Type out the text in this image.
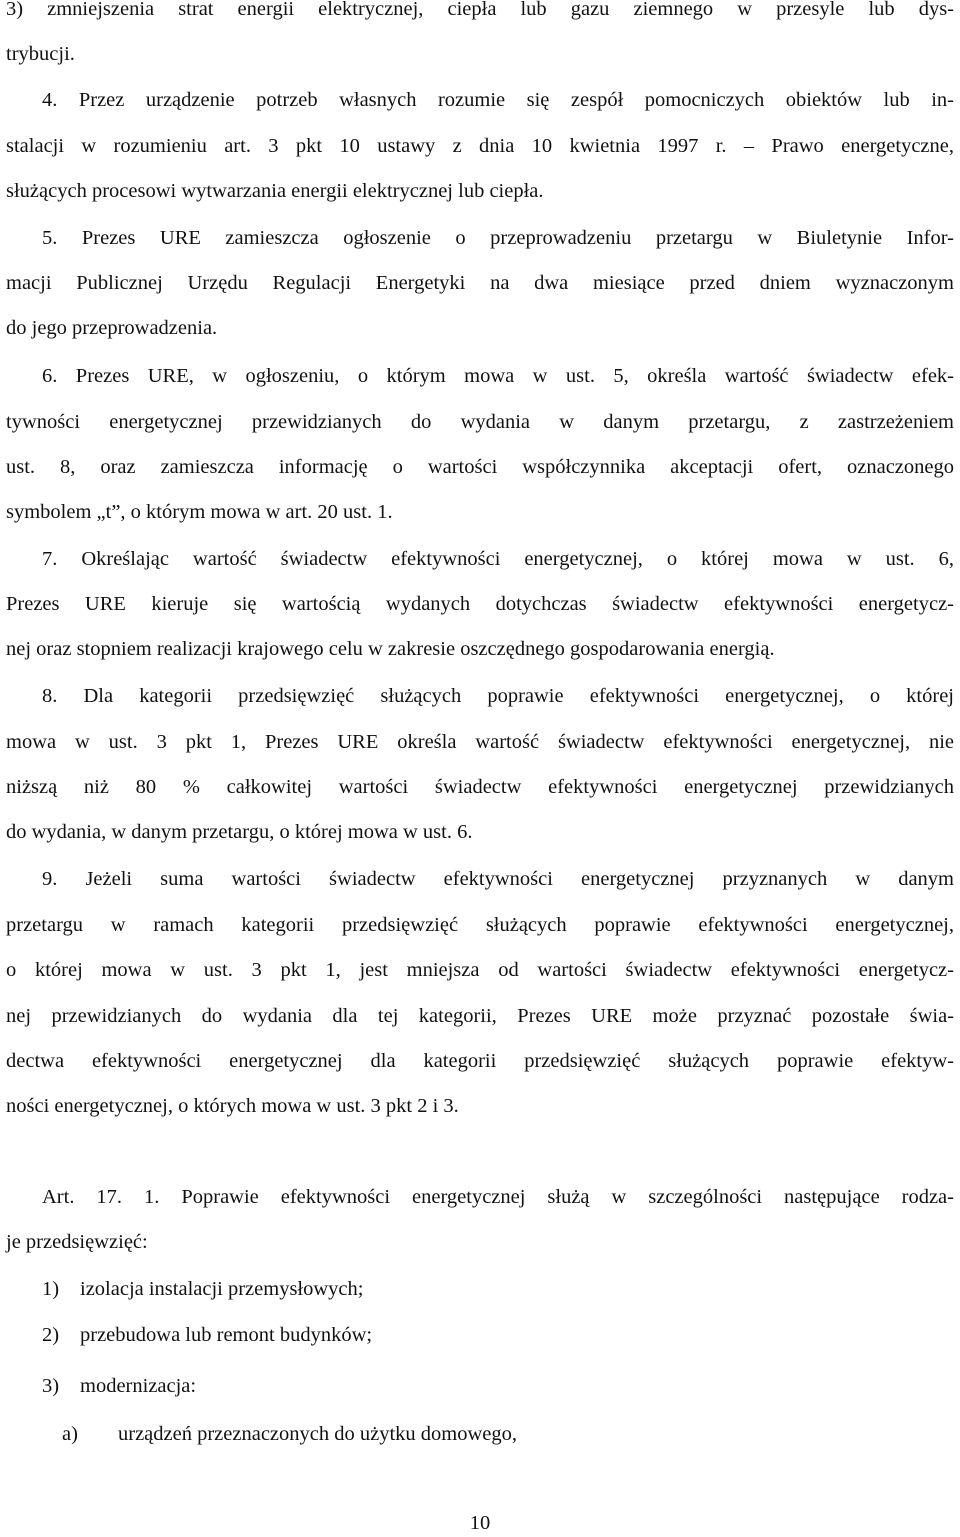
3) zmniejszenia strat energii elektrycznej, ciepła lub gazu ziemnego w przesyle lub dys-
trybucji.
4. Przez urządzenie potrzeb własnych rozumie się zespół pomocniczych obiektów lub in-
stalacji w rozumieniu art. 3 pkt 10 ustawy z dnia 10 kwietnia 1997 r. – Prawo energetyczne,
służących procesowi wytwarzania energii elektrycznej lub ciepła.
5. Prezes URE zamieszcza ogłoszenie o przeprowadzeniu przetargu w Biuletynie Infor-
macji Publicznej Urzędu Regulacji Energetyki na dwa miesiące przed dniem wyznaczonym
do jego przeprowadzenia.
6. Prezes URE, w ogłoszeniu, o którym mowa w ust. 5, określa wartość świadectw efek-
tywności energetycznej przewidzianych do wydania w danym przetargu, z zastrzeżeniem
ust. 8, oraz zamieszcza informację o wartości współczynnika akceptacji ofert, oznaczonego
symbolem „t”, o którym mowa w art. 20 ust. 1.
7. Określając wartość świadectw efektywności energetycznej, o której mowa w ust. 6,
Prezes URE kieruje się wartością wydanych dotychczas świadectw efektywności energetycz-
nej oraz stopniem realizacji krajowego celu w zakresie oszczędnego gospodarowania energią.
8. Dla kategorii przedsięwzięć służących poprawie efektywności energetycznej, o której
mowa w ust. 3 pkt 1, Prezes URE określa wartość świadectw efektywności energetycznej, nie
niższą niż 80 % całkowitej wartości świadectw efektywności energetycznej przewidzianych
do wydania, w danym przetargu, o której mowa w ust. 6.
9. Jeżeli suma wartości świadectw efektywności energetycznej przyznanych w danym
przetargu w ramach kategorii przedsięwzięć służących poprawie efektywności energetycznej,
o której mowa w ust. 3 pkt 1, jest mniejsza od wartości świadectw efektywności energetycz-
nej przewidzianych do wydania dla tej kategorii, Prezes URE może przyznać pozostałe świa-
dectwa efektywności energetycznej dla kategorii przedsięwzięć służących poprawie efektyw-
ności energetycznej, o których mowa w ust. 3 pkt 2 i 3.
Art. 17. 1. Poprawie efektywności energetycznej służą w szczególności następujące rodza-
je przedsięwzięć:
1) izolacja instalacji przemysłowych;
2) przebudowa lub remont budynków;
3) modernizacja:
a) urządzeń przeznaczonych do użytku domowego,
10
